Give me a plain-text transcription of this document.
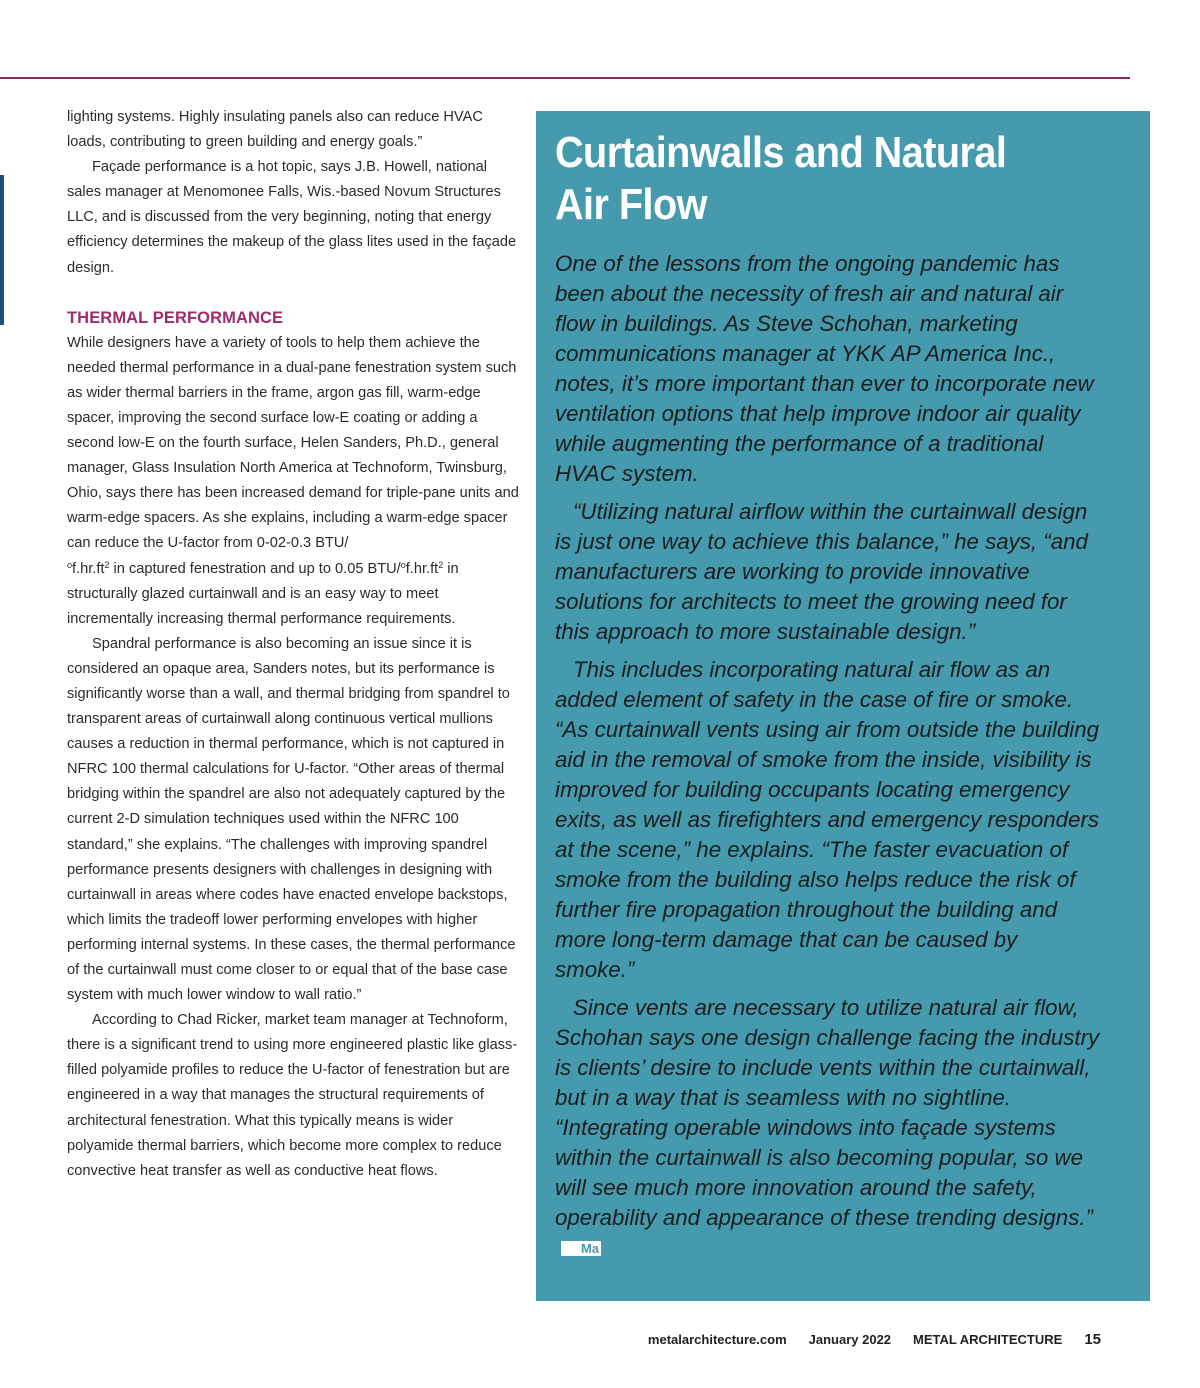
lighting systems. Highly insulating panels also can reduce HVAC loads, contributing to green building and energy goals.”

Façade performance is a hot topic, says J.B. Howell, national sales manager at Menomonee Falls, Wis.-based Novum Structures LLC, and is discussed from the very beginning, noting that energy efficiency determines the makeup of the glass lites used in the façade design.

THERMAL PERFORMANCE

While designers have a variety of tools to help them achieve the needed thermal performance in a dual-pane fenestration system such as wider thermal barriers in the frame, argon gas fill, warm-edge spacer, improving the second surface low-E coating or adding a second low-E on the fourth surface, Helen Sanders, Ph.D., general manager, Glass Insulation North America at Technoform, Twinsburg, Ohio, says there has been increased demand for triple-pane units and warm-edge spacers. As she explains, including a warm-edge spacer can reduce the U-factor from 0-02-0.3 BTU/
$^of.hr.ft^2$ in captured fenestration and up to 0.05 BTU/$^of.hr.ft^2$ in structurally glazed curtainwall and is an easy way to meet incrementally increasing thermal performance requirements.

Spandral performance is also becoming an issue since it is considered an opaque area, Sanders notes, but its performance is significantly worse than a wall, and thermal bridging from spandrel to transparent areas of curtainwall along continuous vertical mullions causes a reduction in thermal performance, which is not captured in NFRC 100 thermal calculations for U-factor. “Other areas of thermal bridging within the spandrel are also not adequately captured by the current 2-D simulation techniques used within the NFRC 100 standard,” she explains. “The challenges with improving spandrel performance presents designers with challenges in designing with curtainwall in areas where codes have enacted envelope backstops, which limits the tradeoff lower performing envelopes with higher performing internal systems. In these cases, the thermal performance of the curtainwall must come closer to or equal that of the base case system with much lower window to wall ratio.”

According to Chad Ricker, market team manager at Technoform, there is a significant trend to using more engineered plastic like glass-filled polyamide profiles to reduce the U-factor of fenestration but are engineered in a way that manages the structural requirements of architectural fenestration. What this typically means is wider polyamide thermal barriers, which become more complex to reduce convective heat transfer as well as conductive heat flows.

Curtainwalls and Natural Air Flow

One of the lessons from the ongoing pandemic has been about the necessity of fresh air and natural air flow in buildings. As Steve Schohan, marketing communications manager at YKK AP America Inc., notes, it’s more important than ever to incorporate new ventilation options that help improve indoor air quality while augmenting the performance of a traditional HVAC system.

“Utilizing natural airflow within the curtainwall design is just one way to achieve this balance,” he says, “and manufacturers are working to provide innovative solutions for architects to meet the growing need for this approach to more sustainable design.”

This includes incorporating natural air flow as an added element of safety in the case of fire or smoke. “As curtainwall vents using air from outside the building aid in the removal of smoke from the inside, visibility is improved for building occupants locating emergency exits, as well as firefighters and emergency responders at the scene,” he explains. “The faster evacuation of smoke from the building also helps reduce the risk of further fire propagation throughout the building and more long-term damage that can be caused by smoke.”

Since vents are necessary to utilize natural air flow, Schohan says one design challenge facing the industry is clients’ desire to include vents within the curtainwall, but in a way that is seamless with no sightline. “Integrating operable windows into façade systems within the curtainwall is also becoming popular, so we will see much more innovation around the safety, operability and appearance of these trending designs.”Ma

metalarchitecture.com January 2022 METAL ARCHITECTURE 15
